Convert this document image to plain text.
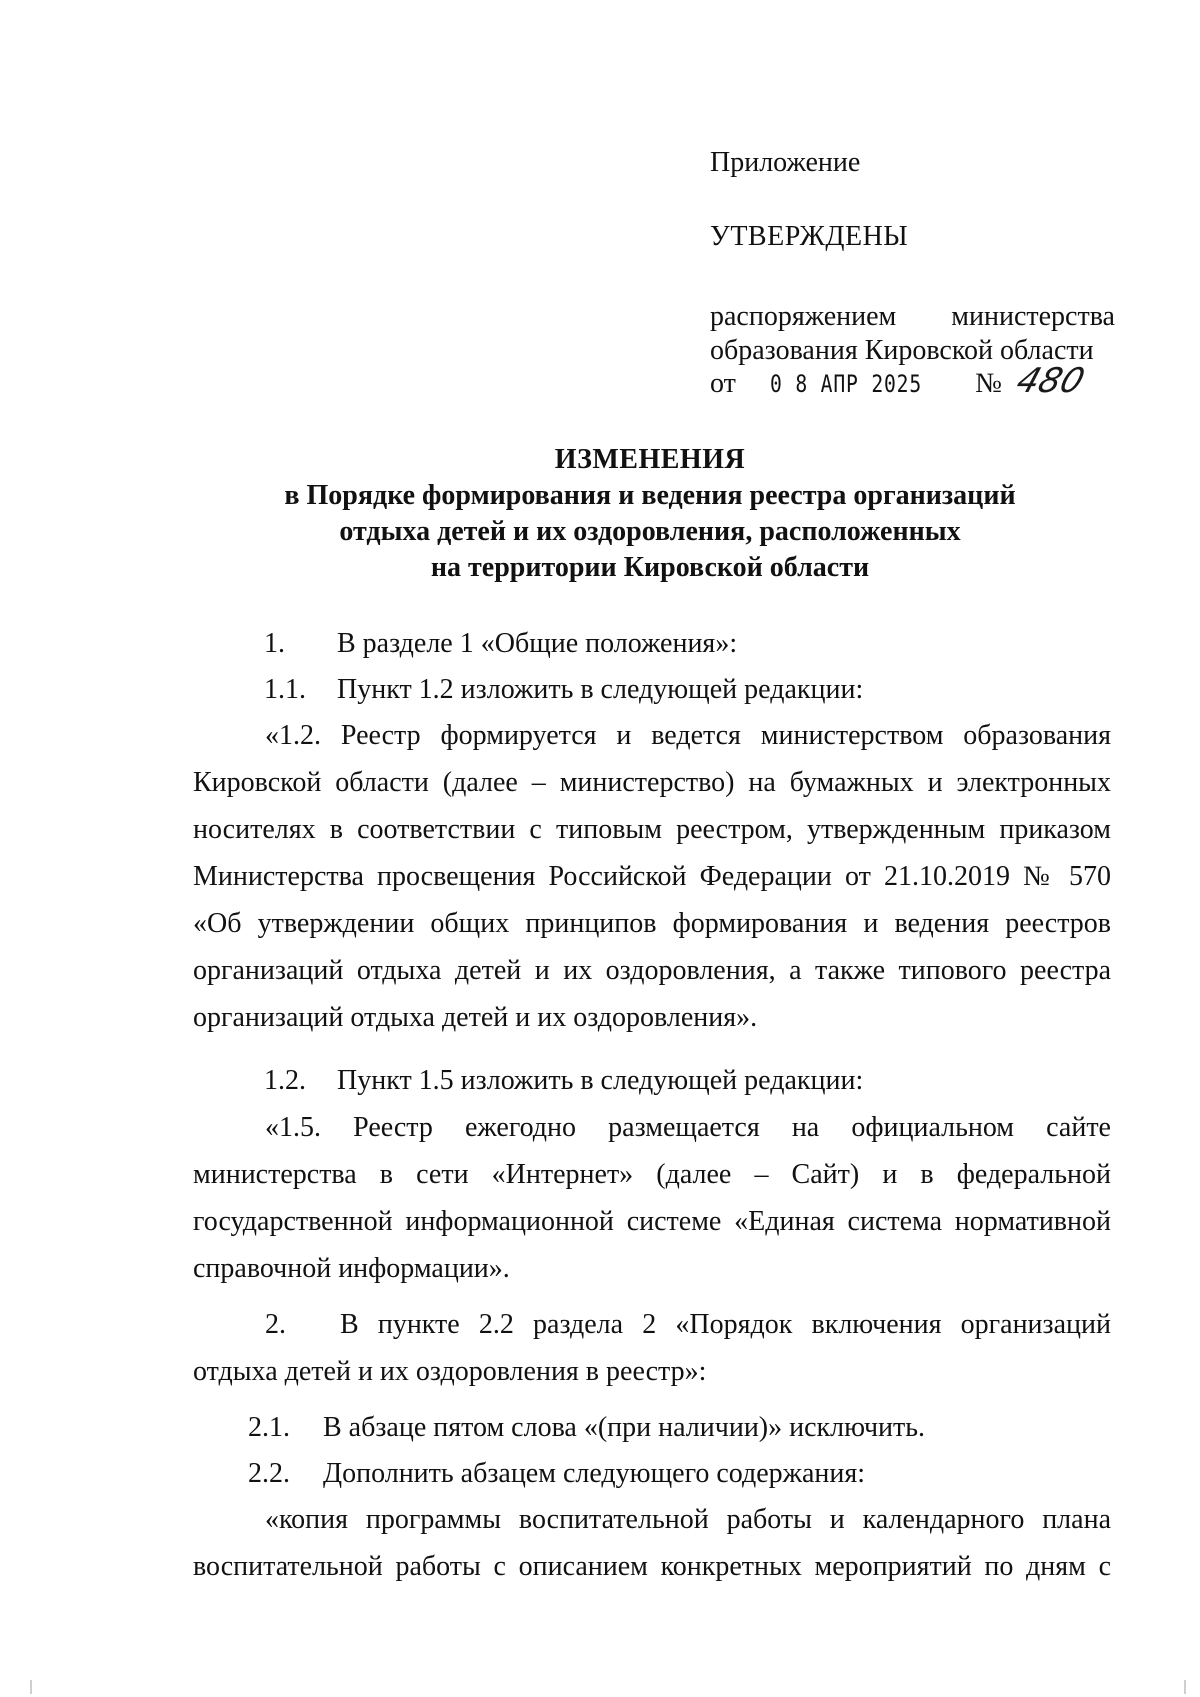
Приложение
УТВЕРЖДЕНЫ
распоряжением министерства
образования Кировской области
от 0 8 АПР 2025 № 480
ИЗМЕНЕНИЯ
в Порядке формирования и ведения реестра организаций
отдыха детей и их оздоровления, расположенных
на территории Кировской области
1. В разделе 1 «Общие положения»:
1.1. Пункт 1.2 изложить в следующей редакции:
«1.2. Реестр формируется и ведется министерством образования Кировской области (далее – министерство) на бумажных и электронных носителях в соответствии с типовым реестром, утвержденным приказом Министерства просвещения Российской Федерации от 21.10.2019 № 570 «Об утверждении общих принципов формирования и ведения реестров организаций отдыха детей и их оздоровления, а также типового реестра организаций отдыха детей и их оздоровления».
1.2. Пункт 1.5 изложить в следующей редакции:
«1.5. Реестр ежегодно размещается на официальном сайте министерства в сети «Интернет» (далее – Сайт) и в федеральной государственной информационной системе «Единая система нормативной справочной информации».
2. В пункте 2.2 раздела 2 «Порядок включения организаций отдыха детей и их оздоровления в реестр»:
2.1. В абзаце пятом слова «(при наличии)» исключить.
2.2. Дополнить абзацем следующего содержания:
«копия программы воспитательной работы и календарного плана воспитательной работы с описанием конкретных мероприятий по дням с
